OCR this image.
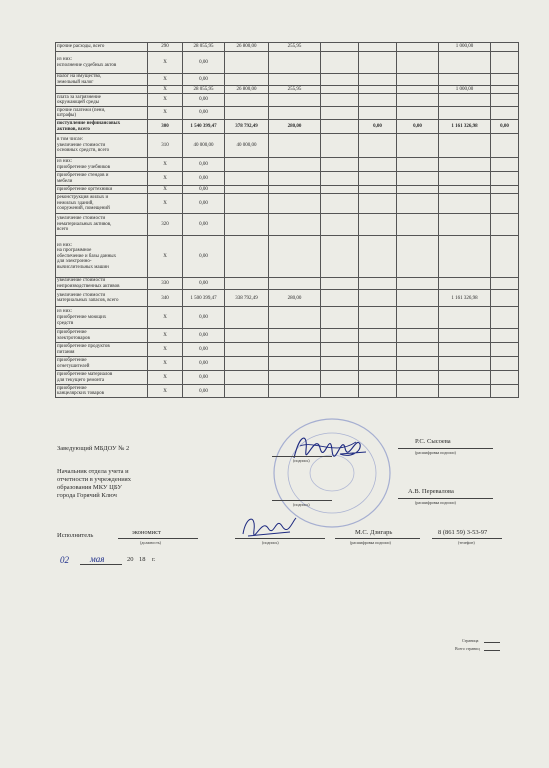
прочие расходы, всего	290	28 055,95	26 800,00	255,95				1 000,00	
из них:
исполнение судебных актов	Х	0,00							
налог на имущество,
земельный налог	Х	0,00							
	Х	28 055,95	26 800,00	255,95				1 000,00	
плата за загрязнение
окружающей среды	Х	0,00							
прочие платежи (пени,
штрафы)	Х	0,00							
поступление нефинансовых
активов, всего	300	1 540 399,47	378 792,49	280,00		0,00	0,00	1 161 326,98	0,00
в том числе:
увеличение стоимости
основных средств, всего	310	40 000,00	40 000,00						
из них:
приобретение учебников	Х	0,00							
приобретение стендов и
мебели	Х	0,00							
приобретение оргтехники	Х	0,00							
реконструкция жилых и
нежилых зданий,
сооружений, помещений	Х	0,00							
увеличение стоимости
нематериальных активов,
всего	320	0,00							
из них:
на программное
обеспечение и базы данных
для электронно-
вычислительных машин	Х	0,00							
увеличение стоимости
непроизводственных активов	330	0,00							
увеличение стоимости
материальных запасов, всего	340	1 500 399,47	338 792,49	280,00				1 161 326,98	
из них:
приобретение моющих
средств	Х	0,00							
приобретение
электротоваров	Х	0,00							
приобретение продуктов
питания	Х	0,00							
приобретение
огнетушителей	Х	0,00							
приобретение материалов
для текущего ремонта	Х	0,00							
приобретение
канцелярских товаров	Х	0,00							
Заведующий МБДОУ № 2
(подпись)
Р.С. Сысоева
(расшифровка подписи)
Начальник отдела учета и
отчетности в учреждениях
образования МКУ ЦБУ
города Горячий Ключ
(подпись)
А.В. Перевалова
(расшифровка подписи)
Исполнитель	экономист
(должность)	(подпись)
М.С. Дзигарь
(расшифровка подписи)
8 (861 59) 3-53-97
(телефон)
02 мая	20 18 г.
Страница
Всего страниц
